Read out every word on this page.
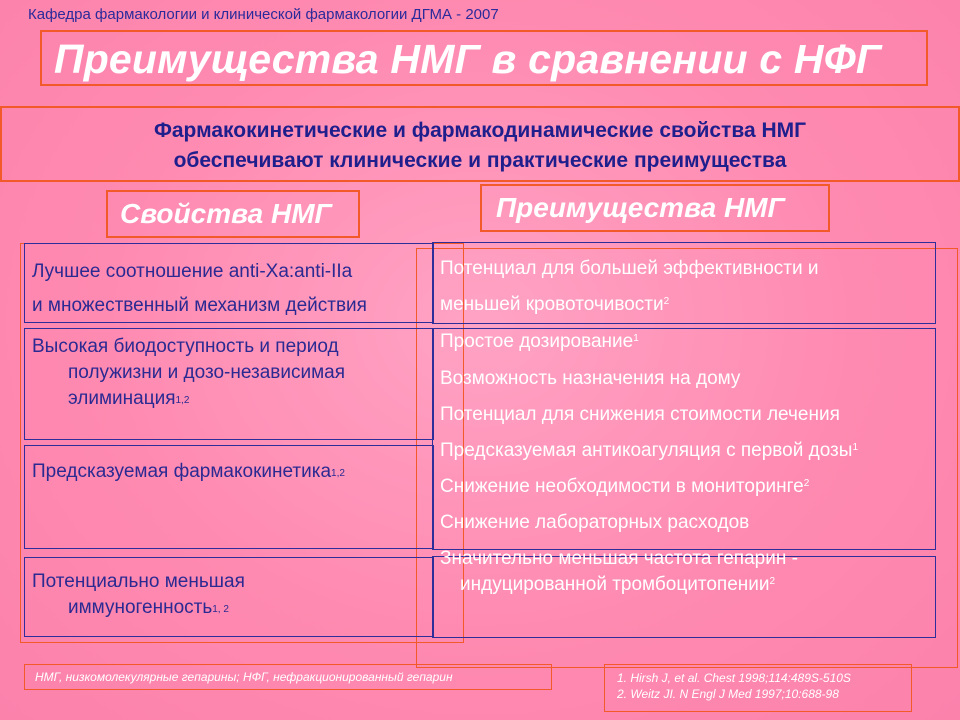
Кафедра фармакологии и клинической фармакологии ДГМА - 2007
Преимущества НМГ в сравнении с НФГ
Фармакокинетические и фармакодинамические свойства НМГ
обеспечивают клинические и практические преимущества
Свойства НМГ	Преимущества НМГ
Лучшее соотношение anti-Xa:anti-IIa
и множественный механизм действия
Высокая биодоступность и период
полужизни и дозо-независимая
элиминация$^{1,2}$
Предсказуемая фармакокинетика$^{1,2}$
Потенциально меньшая
иммуногенность$^{1, 2}$
Потенциал для большей эффективности и
меньшей кровоточивости$^2$
Простое дозирование$^1$
Возможность назначения на дому
Потенциал для снижения стоимости лечения
Предсказуемая антикоагуляция с первой дозы$^1$
Снижение необходимости в мониторинге$^2$
Снижение лабораторных расходов
Значительно меньшая частота гепарин -
индуцированной тромбоцитопении$^2$
НМГ, низкомолекулярные гепарины; НФГ, нефракционированный гепарин	1. Hirsh J, et al. Chest 1998;114:489S-510S
2. Weitz JI. N Engl J Med 1997;10:688-98
